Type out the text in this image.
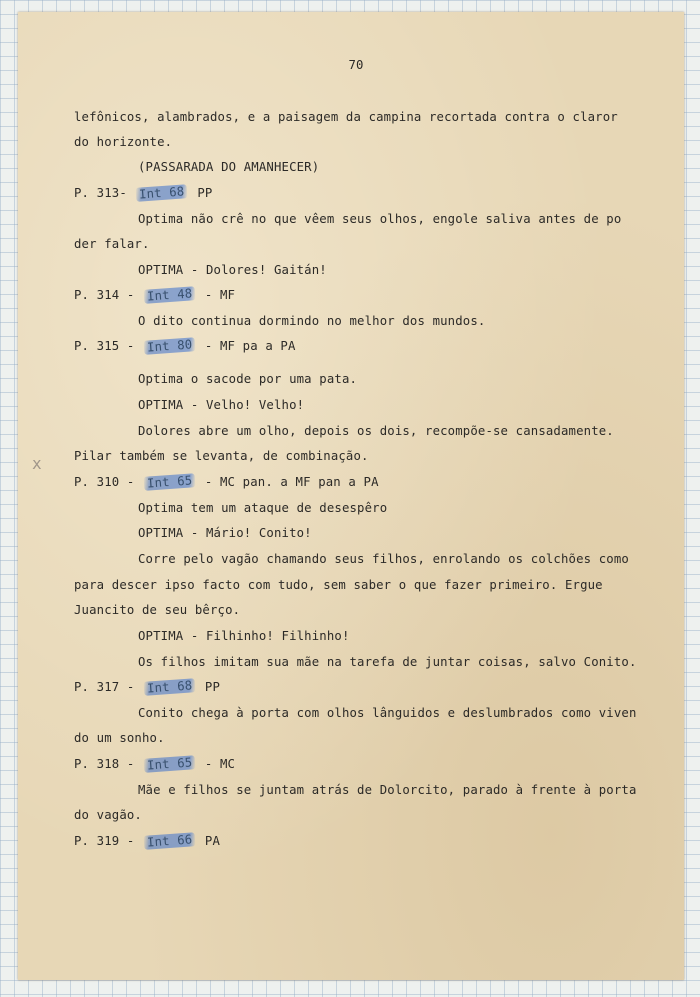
70
x
lefônicos, alambrados, e a paisagem da campina recortada contra o claror
do horizonte.
(PASSARADA DO AMANHECER)
P. 313- Int 68 PP
Optima não crê no que vêem seus olhos, engole saliva antes de po
der falar.
OPTIMA - Dolores! Gaitán!
P. 314 - Int 48 - MF
O dito continua dormindo no melhor dos mundos.
P. 315 - Int 80 - MF pa a PA
Optima o sacode por uma pata.
OPTIMA - Velho! Velho!
Dolores abre um olho, depois os dois, recompõe-se cansadamente.
Pilar também se levanta, de combinação.
P. 310 - Int 65 - MC pan. a MF pan a PA
Optima tem um ataque de desespêro
OPTIMA - Mário! Conito!
Corre pelo vagão chamando seus filhos, enrolando os colchões como
para descer ipso facto com tudo, sem saber o que fazer primeiro. Ergue
Juancito de seu bêrço.
OPTIMA - Filhinho! Filhinho!
Os filhos imitam sua mãe na tarefa de juntar coisas, salvo Conito.
P. 317 - Int 68 PP
Conito chega à porta com olhos lânguidos e deslumbrados como viven
do um sonho.
P. 318 - Int 65 - MC
Mãe e filhos se juntam atrás de Dolorcito, parado à frente à porta
do vagão.
P. 319 - Int 66 PA
